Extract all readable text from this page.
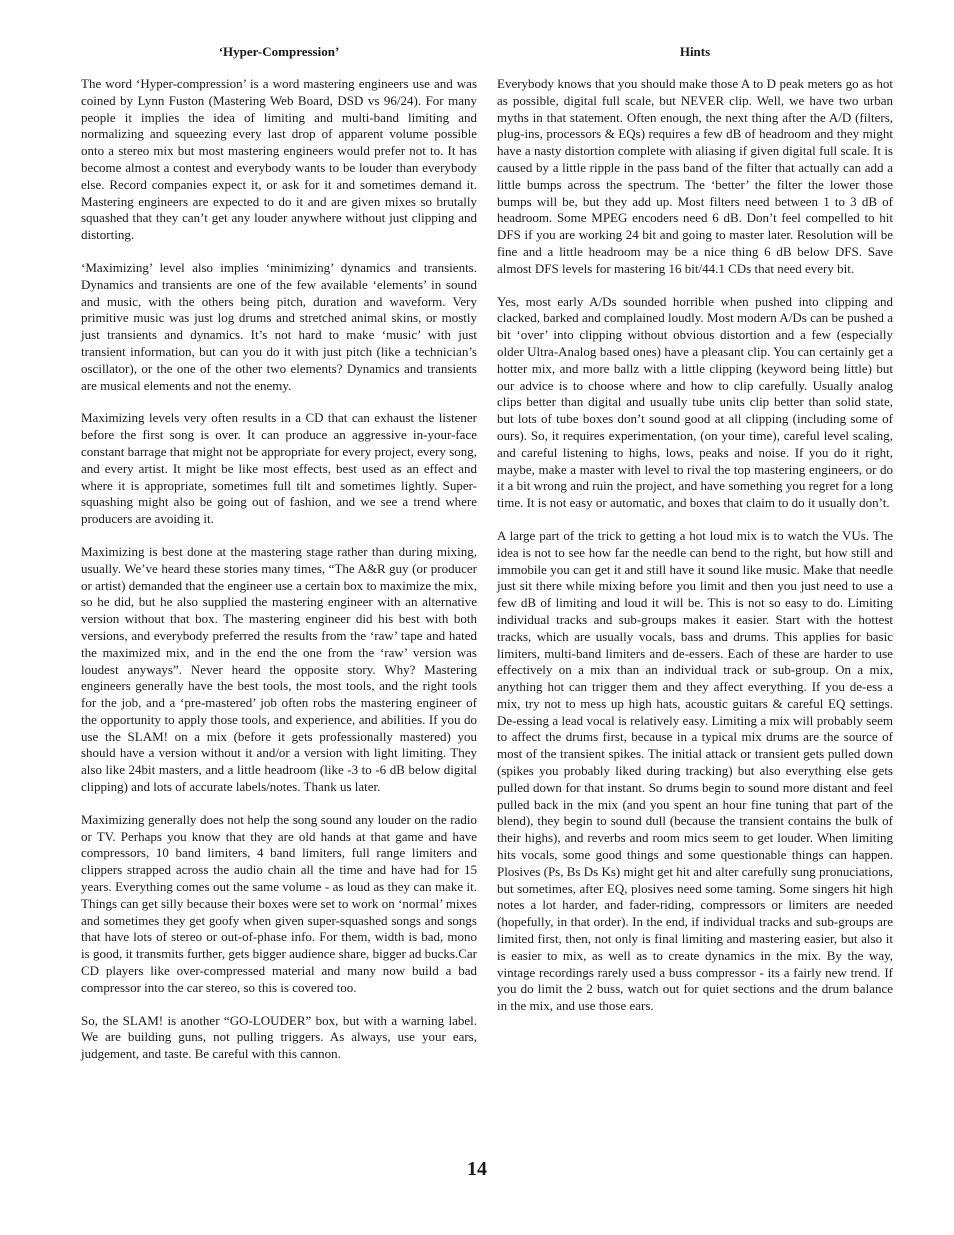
‘Hyper-Compression’

The word ‘Hyper-compression’ is a word mastering engineers use and was coined by Lynn Fuston (Mastering Web Board, DSD vs 96/24). For many people it implies the idea of limiting and multi-band limiting and normalizing and squeezing every last drop of apparent volume possible onto a stereo mix but most mastering engineers would prefer not to. It has become almost a contest and everybody wants to be louder than everybody else. Record companies expect it, or ask for it and sometimes demand it. Mastering engineers are expected to do it and are given mixes so brutally squashed that they can’t get any louder anywhere without just clipping and distorting.

‘Maximizing’ level also implies ‘minimizing’ dynamics and transients. Dynamics and transients are one of the few available ‘elements’ in sound and music, with the others being pitch, duration and waveform. Very primitive music was just log drums and stretched animal skins, or mostly just transients and dynamics. It’s not hard to make ‘music’ with just transient information, but can you do it with just pitch (like a technician’s oscillator), or the one of the other two elements? Dynamics and transients are musical elements and not the enemy.

Maximizing levels very often results in a CD that can exhaust the listener before the first song is over. It can produce an aggressive in-your-face constant barrage that might not be appropriate for every project, every song, and every artist. It might be like most effects, best used as an effect and where it is appropriate, sometimes full tilt and sometimes lightly. Super-squashing might also be going out of fashion, and we see a trend where producers are avoiding it.

Maximizing is best done at the mastering stage rather than during mixing, usually. We’ve heard these stories many times, “The A&R guy (or producer or artist) demanded that the engineer use a certain box to maximize the mix, so he did, but he also supplied the mastering engineer with an alternative version without that box. The mastering engineer did his best with both versions, and everybody preferred the results from the ‘raw’ tape and hated the maximized mix, and in the end the one from the ‘raw’ version was loudest anyways”. Never heard the opposite story. Why? Mastering engineers generally have the best tools, the most tools, and the right tools for the job, and a ‘pre-mastered’ job often robs the mastering engineer of the opportunity to apply those tools, and experience, and abilities. If you do use the SLAM! on a mix (before it gets professionally mastered) you should have a version without it and/or a version with light limiting. They also like 24bit masters, and a little headroom (like -3 to -6 dB below digital clipping) and lots of accurate labels/notes. Thank us later.

Maximizing generally does not help the song sound any louder on the radio or TV. Perhaps you know that they are old hands at that game and have compressors, 10 band limiters, 4 band limiters, full range limiters and clippers strapped across the audio chain all the time and have had for 15 years. Everything comes out the same volume - as loud as they can make it. Things can get silly because their boxes were set to work on ‘normal’ mixes and sometimes they get goofy when given super-squashed songs and songs that have lots of stereo or out-of-phase info. For them, width is bad, mono is good, it transmits further, gets bigger audience share, bigger ad bucks.Car CD players like over-compressed material and many now build a bad compressor into the car stereo, so this is covered too.

So, the SLAM! is another “GO-LOUDER” box, but with a warning label. We are building guns, not pulling triggers. As always, use your ears, judgement, and taste. Be careful with this cannon.

Hints

Everybody knows that you should make those A to D peak meters go as hot as possible, digital full scale, but NEVER clip. Well, we have two urban myths in that statement. Often enough, the next thing after the A/D (filters, plug-ins, processors & EQs) requires a few dB of headroom and they might have a nasty distortion complete with aliasing if given digital full scale. It is caused by a little ripple in the pass band of the filter that actually can add a little bumps across the spectrum. The ‘better’ the filter the lower those bumps will be, but they add up. Most filters need between 1 to 3 dB of headroom. Some MPEG encoders need 6 dB. Don’t feel compelled to hit DFS if you are working 24 bit and going to master later. Resolution will be fine and a little headroom may be a nice thing 6 dB below DFS. Save almost DFS levels for mastering 16 bit/44.1 CDs that need every bit.

Yes, most early A/Ds sounded horrible when pushed into clipping and clacked, barked and complained loudly. Most modern A/Ds can be pushed a bit ‘over’ into clipping without obvious distortion and a few (especially older Ultra-Analog based ones) have a pleasant clip. You can certainly get a hotter mix, and more ballz with a little clipping (keyword being little) but our advice is to choose where and how to clip carefully. Usually analog clips better than digital and usually tube units clip better than solid state, but lots of tube boxes don’t sound good at all clipping (including some of ours). So, it requires experimentation, (on your time), careful level scaling, and careful listening to highs, lows, peaks and noise. If you do it right, maybe, make a master with level to rival the top mastering engineers, or do it a bit wrong and ruin the project, and have something you regret for a long time. It is not easy or automatic, and boxes that claim to do it usually don’t.

A large part of the trick to getting a hot loud mix is to watch the VUs. The idea is not to see how far the needle can bend to the right, but how still and immobile you can get it and still have it sound like music. Make that needle just sit there while mixing before you limit and then you just need to use a few dB of limiting and loud it will be. This is not so easy to do. Limiting individual tracks and sub-groups makes it easier. Start with the hottest tracks, which are usually vocals, bass and drums. This applies for basic limiters, multi-band limiters and de-essers. Each of these are harder to use effectively on a mix than an individual track or sub-group. On a mix, anything hot can trigger them and they affect everything. If you de-ess a mix, try not to mess up high hats, acoustic guitars & careful EQ settings. De-essing a lead vocal is relatively easy. Limiting a mix will probably seem to affect the drums first, because in a typical mix drums are the source of most of the transient spikes. The initial attack or transient gets pulled down (spikes you probably liked during tracking) but also everything else gets pulled down for that instant. So drums begin to sound more distant and feel pulled back in the mix (and you spent an hour fine tuning that part of the blend), they begin to sound dull (because the transient contains the bulk of their highs), and reverbs and room mics seem to get louder. When limiting hits vocals, some good things and some questionable things can happen. Plosives (Ps, Bs Ds Ks) might get hit and alter carefully sung pronuciations, but sometimes, after EQ, plosives need some taming. Some singers hit high notes a lot harder, and fader-riding, compressors or limiters are needed (hopefully, in that order). In the end, if individual tracks and sub-groups are limited first, then, not only is final limiting and mastering easier, but also it is easier to mix, as well as to create dynamics in the mix. By the way, vintage recordings rarely used a buss compressor - its a fairly new trend. If you do limit the 2 buss, watch out for quiet sections and the drum balance in the mix, and use those ears.

14
